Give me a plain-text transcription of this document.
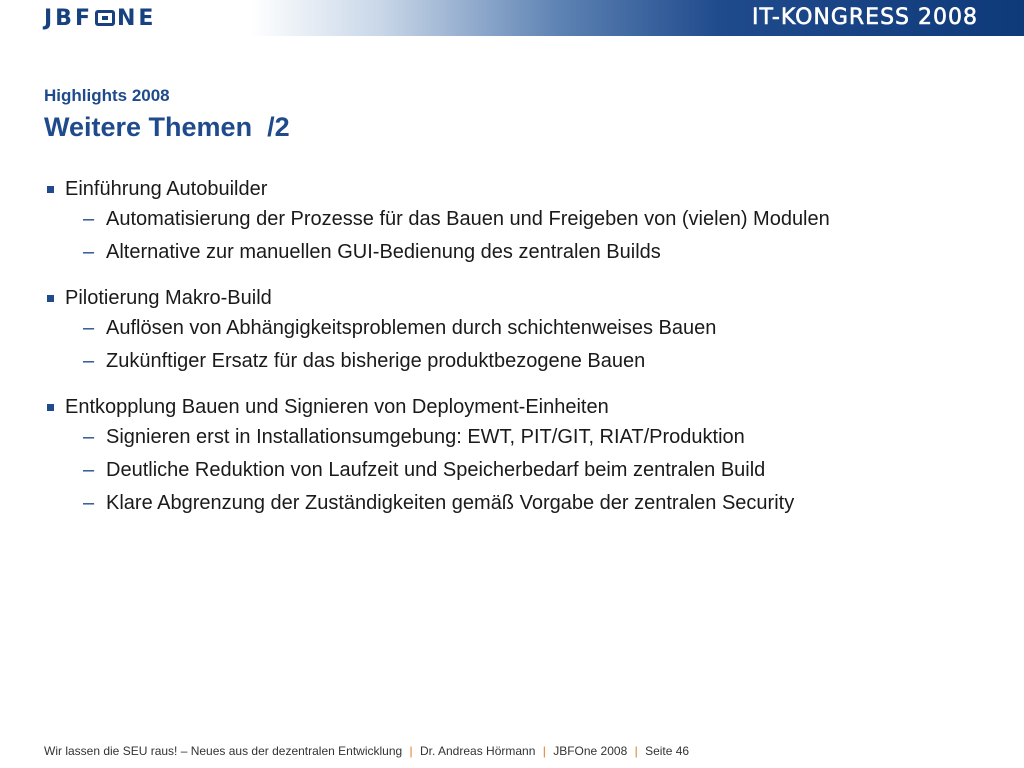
JBF NE	IT-KONGRESS 2008
Highlights 2008
Weitere Themen  /2
Einführung Autobuilder
– Automatisierung der Prozesse für das Bauen und Freigeben von (vielen) Modulen
– Alternative zur manuellen GUI-Bedienung des zentralen Builds
Pilotierung Makro-Build
– Auflösen von Abhängigkeitsproblemen durch schichtenweises Bauen
– Zukünftiger Ersatz für das bisherige produktbezogene Bauen
Entkopplung Bauen und Signieren von Deployment-Einheiten
– Signieren erst in Installationsumgebung: EWT, PIT/GIT, RIAT/Produktion
– Deutliche Reduktion von Laufzeit und Speicherbedarf beim zentralen Build
– Klare Abgrenzung der Zuständigkeiten gemäß Vorgabe der zentralen Security
Wir lassen die SEU raus! – Neues aus der dezentralen Entwicklung | Dr. Andreas Hörmann | JBFOne 2008 | Seite 46
